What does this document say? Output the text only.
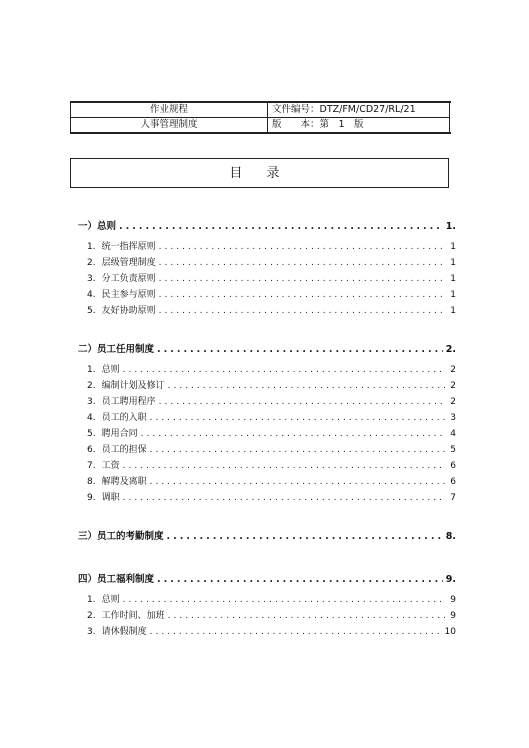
作业规程	文件编号：DTZ/FM/CD27/RL/21
人事管理制度	版　　本：第　1　版
目 录
一）总则 .....	1.
1. 统一指挥原则 .....	1
2. 层级管理制度 .....	1
3. 分工负责原则 .....	1
4. 民主参与原则 .....	1
5. 友好协助原则 .....	1
二）员工任用制度 .....	2.
1. 总则 .....	2
2. 编制计划及修订 .....	2
3. 员工聘用程序 .....	2
4. 员工的入职 .....	3
5. 聘用合同 .....	4
6. 员工的担保 .....	5
7. 工资 .....	6
8. 解聘及离职 .....	6
9. 调职 .....	7
三）员工的考勤制度 .....	8.
四）员工福利制度 .....	9.
1. 总则 .....	9
2. 工作时间、加班 .....	9
3. 请休假制度 .....	10
